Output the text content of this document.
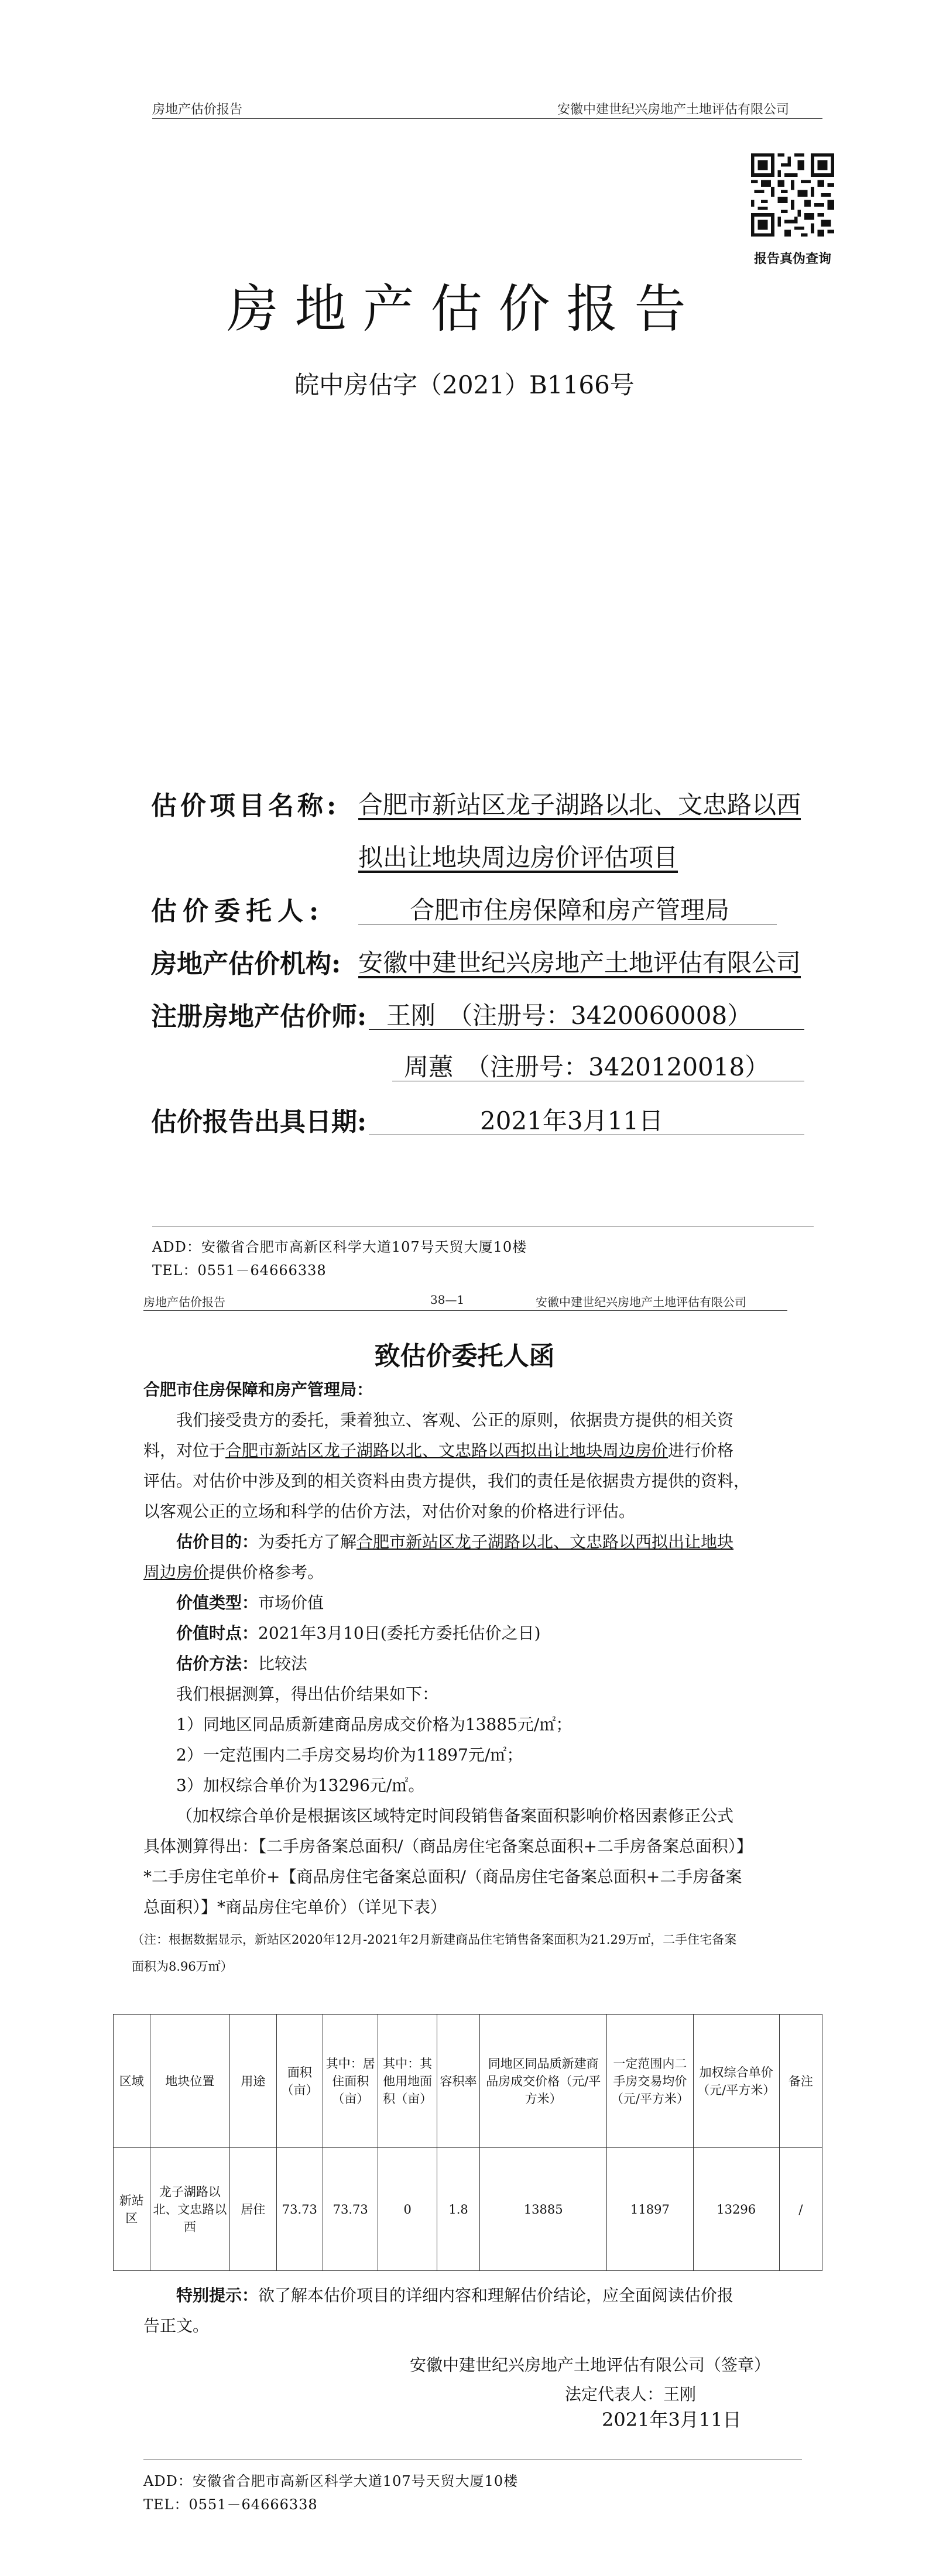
房地产估价报告	安徽中建世纪兴房地产土地评估有限公司
报告真伪查询
房地产估价报告
皖中房估字（2021）B1166号
估价项目名称: 合肥市新站区龙子湖路以北、文忠路以西
拟出让地块周边房价评估项目
估价委托人:	合肥市住房保障和房产管理局
房地产估价机构: 安徽中建世纪兴房地产土地评估有限公司
注册房地产估价师: 王刚　（注册号：3420060008）
周蕙　（注册号：3420120018）
估价报告出具日期:	2021年3月11日
ADD：安徽省合肥市高新区科学大道107号天贸大厦10楼
TEL：0551－64666338
房地产估价报告	38—1	安徽中建世纪兴房地产土地评估有限公司
致估价委托人函
合肥市住房保障和房产管理局：
我们接受贵方的委托，秉着独立、客观、公正的原则，依据贵方提供的相关资
料，对位于合肥市新站区龙子湖路以北、文忠路以西拟出让地块周边房价进行价格
评估。对估价中涉及到的相关资料由贵方提供，我们的责任是依据贵方提供的资料，
以客观公正的立场和科学的估价方法，对估价对象的价格进行评估。
估价目的：为委托方了解合肥市新站区龙子湖路以北、文忠路以西拟出让地块
周边房价提供价格参考。
价值类型：市场价值
价值时点：2021年3月10日(委托方委托估价之日)
估价方法：比较法
我们根据测算，得出估价结果如下：
1）同地区同品质新建商品房成交价格为13885元/㎡；
2）一定范围内二手房交易均价为11897元/㎡；
3）加权综合单价为13296元/㎡。
（加权综合单价是根据该区域特定时间段销售备案面积影响价格因素修正公式
具体测算得出：【二手房备案总面积/（商品房住宅备案总面积+二手房备案总面积）】
*二手房住宅单价+【商品房住宅备案总面积/（商品房住宅备案总面积+二手房备案
总面积）】*商品房住宅单价）（详见下表）
（注：根据数据显示，新站区2020年12月-2021年2月新建商品住宅销售备案面积为21.29万㎡，二手住宅备案
面积为8.96万㎡）
区域	地块位置	用途	面积（亩）	其中：居住面积（亩）	其中：其他用地面积（亩）	容积率	同地区同品质新建商品房成交价格（元/平方米）	一定范围内二手房交易均价（元/平方米）	加权综合单价（元/平方米）	备注
新站区	龙子湖路以北、文忠路以西	居住	73.73	73.73	0	1.8	13885	11897	13296	/
特别提示：欲了解本估价项目的详细内容和理解估价结论，应全面阅读估价报
告正文。
安徽中建世纪兴房地产土地评估有限公司（签章）
法定代表人：王刚
2021年3月11日
ADD：安徽省合肥市高新区科学大道107号天贸大厦10楼
TEL：0551－64666338
